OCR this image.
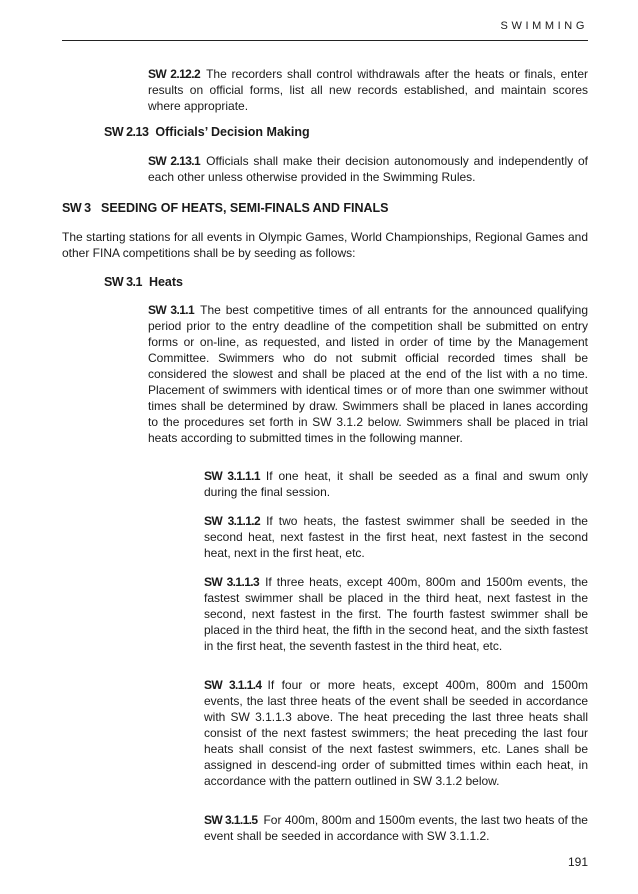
SWIMMING

SW 2.12.2 The recorders shall control withdrawals after the heats or finals, enter results on official forms, list all new records established, and maintain scores where appropriate.

SW 2.13 Officials’ Decision Making

SW 2.13.1 Officials shall make their decision autonomously and independently of each other unless otherwise provided in the Swimming Rules.

SW 3 SEEDING OF HEATS, SEMI-FINALS AND FINALS

The starting stations for all events in Olympic Games, World Championships, Regional Games and other FINA competitions shall be by seeding as follows:

SW 3.1 Heats

SW 3.1.1 The best competitive times of all entrants for the announced qualifying period prior to the entry deadline of the competition shall be submitted on entry forms or on-line, as requested, and listed in order of time by the Management Committee. Swimmers who do not submit official recorded times shall be considered the slowest and shall be placed at the end of the list with a no time. Placement of swimmers with identical times or of more than one swimmer without times shall be determined by draw. Swimmers shall be placed in lanes according to the procedures set forth in SW 3.1.2 below. Swimmers shall be placed in trial heats according to submitted times in the following manner.

SW 3.1.1.1 If one heat, it shall be seeded as a final and swum only during the final session.

SW 3.1.1.2 If two heats, the fastest swimmer shall be seeded in the second heat, next fastest in the first heat, next fastest in the second heat, next in the first heat, etc.

SW 3.1.1.3 If three heats, except 400m, 800m and 1500m events, the fastest swimmer shall be placed in the third heat, next fastest in the second, next fastest in the first. The fourth fastest swimmer shall be placed in the third heat, the fifth in the second heat, and the sixth fastest in the first heat, the seventh fastest in the third heat, etc.

SW 3.1.1.4 If four or more heats, except 400m, 800m and 1500m events, the last three heats of the event shall be seeded in accordance with SW 3.1.1.3 above. The heat preceding the last three heats shall consist of the next fastest swimmers; the heat preceding the last four heats shall consist of the next fastest swimmers, etc. Lanes shall be assigned in descend-ing order of submitted times within each heat, in accordance with the pattern outlined in SW 3.1.2 below.

SW 3.1.1.5 For 400m, 800m and 1500m events, the last two heats of the event shall be seeded in accordance with SW 3.1.1.2.

191
